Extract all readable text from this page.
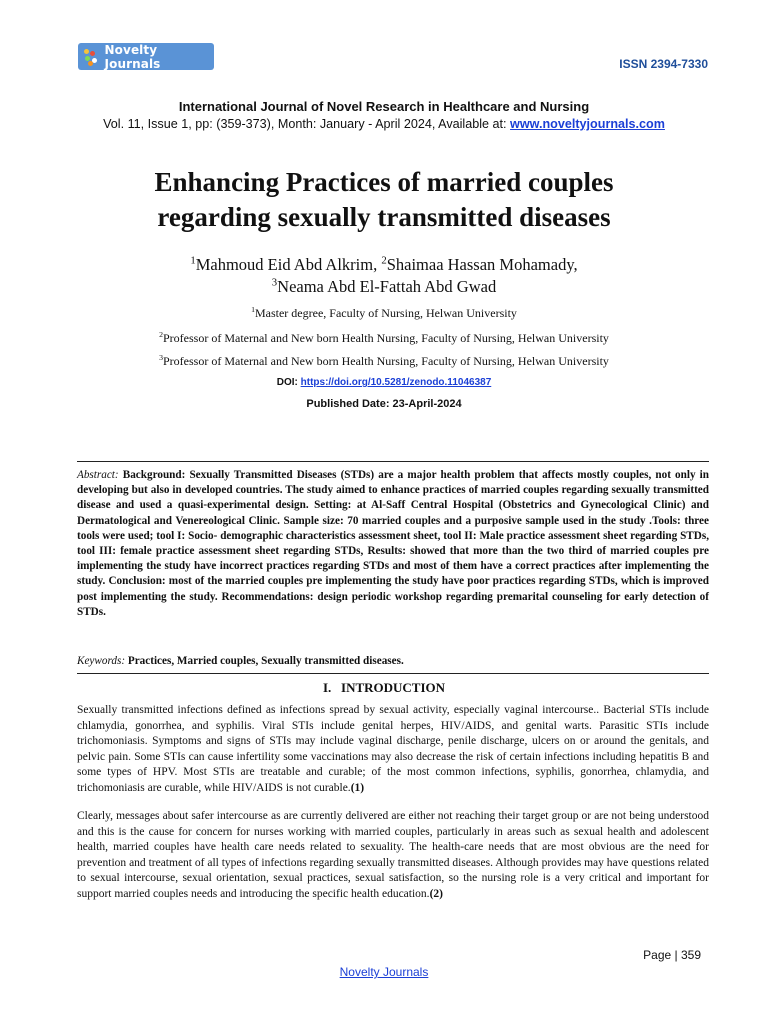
Novelty Journals	ISSN 2394-7330
International Journal of Novel Research in Healthcare and Nursing
Vol. 11, Issue 1, pp: (359-373), Month: January - April 2024, Available at: www.noveltyjournals.com
Enhancing Practices of married couples
regarding sexually transmitted diseases
$^1$Mahmoud Eid Abd Alkrim, $^2$Shaimaa Hassan Mohamady,
$^3$Neama Abd El-Fattah Abd Gwad
$^1$Master degree, Faculty of Nursing, Helwan University
$^2$Professor of Maternal and New born Health Nursing, Faculty of Nursing, Helwan University
$^3$Professor of Maternal and New born Health Nursing, Faculty of Nursing, Helwan University
DOI: https://doi.org/10.5281/zenodo.11046387
Published Date: 23-April-2024
Abstract: Background: Sexually Transmitted Diseases (STDs) are a major health problem that affects mostly couples, not only in developing but also in developed countries. The study aimed to enhance practices of married couples regarding sexually transmitted disease and used a quasi-experimental design. Setting: at Al-Saff Central Hospital (Obstetrics and Gynecological Clinic) and Dermatological and Venereological Clinic. Sample size: 70 married couples and a purposive sample used in the study .Tools: three tools were used; tool I: Socio- demographic characteristics assessment sheet, tool II: Male practice assessment sheet regarding STDs, tool III: female practice assessment sheet regarding STDs, Results: showed that more than the two third of married couples pre implementing the study have incorrect practices regarding STDs and most of them have a correct practices after implementing the study. Conclusion: most of the married couples pre implementing the study have poor practices regarding STDs, which is improved post implementing the study. Recommendations: design periodic workshop regarding premarital counseling for early detection of STDs.
Keywords: Practices, Married couples, Sexually transmitted diseases.
I.   INTRODUCTION
Sexually transmitted infections defined as infections spread by sexual activity, especially vaginal intercourse.. Bacterial STIs include chlamydia, gonorrhea, and syphilis. Viral STIs include genital herpes, HIV/AIDS, and genital warts. Parasitic STIs include trichomoniasis. Symptoms and signs of STIs may include vaginal discharge, penile discharge, ulcers on or around the genitals, and pelvic pain. Some STIs can cause infertility some vaccinations may also decrease the risk of certain infections including hepatitis B and some types of HPV. Most STIs are treatable and curable; of the most common infections, syphilis, gonorrhea, chlamydia, and trichomoniasis are curable, while HIV/AIDS is not curable.(1)
Clearly, messages about safer intercourse as are currently delivered are either not reaching their target group or are not being understood and this is the cause for concern for nurses working with married couples, particularly in areas such as sexual health and adolescent health, married couples have health care needs related to sexuality. The health-care needs that are most obvious are the need for prevention and treatment of all types of infections regarding sexually transmitted diseases. Although provides may have questions related to sexual intercourse, sexual orientation, sexual practices, sexual satisfaction, so the nursing role is a very critical and important for support married couples needs and introducing the specific health education.(2)
Page | 359
Novelty Journals
